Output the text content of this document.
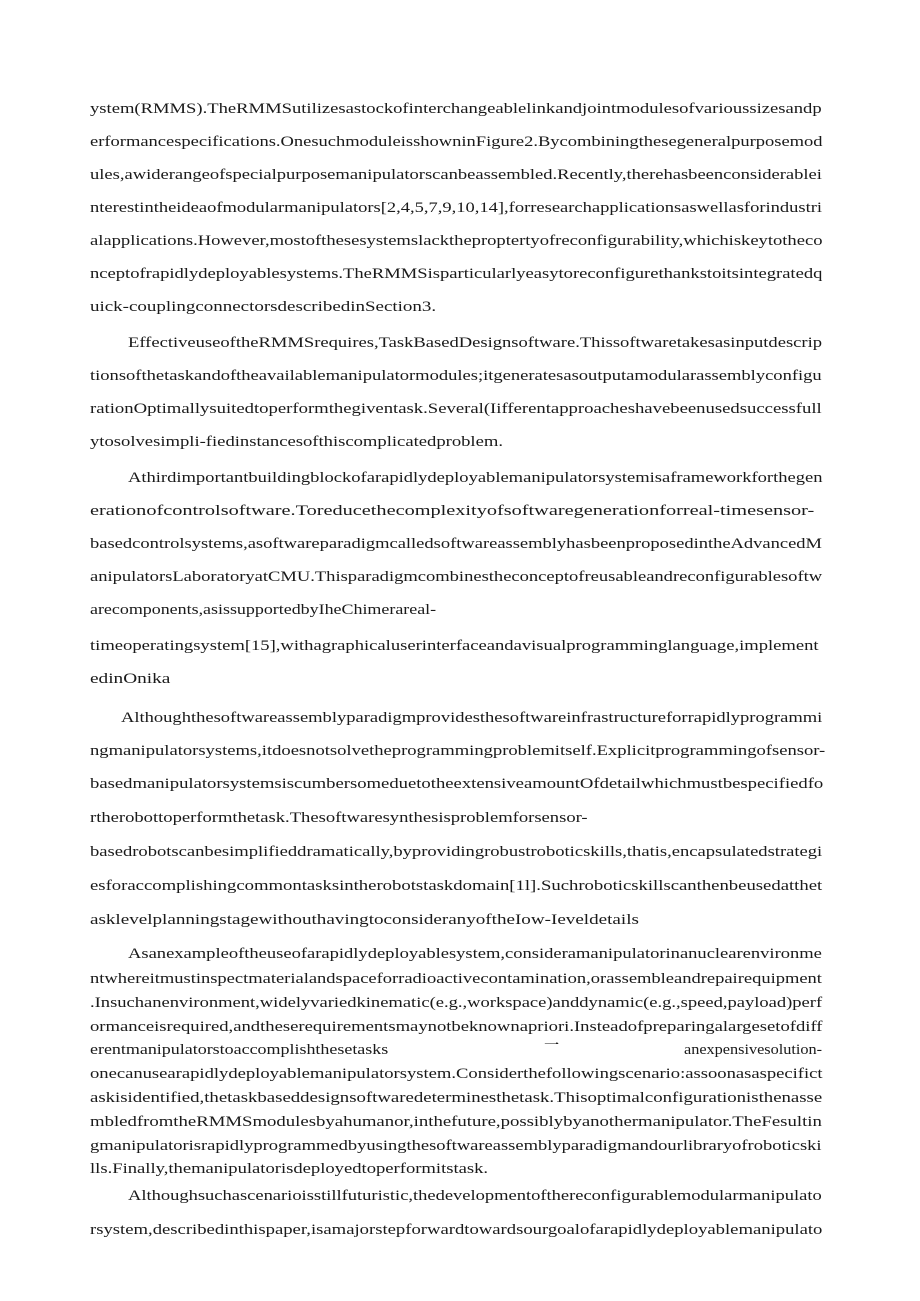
ystem(RMMS).TheRMMSutilizesastockofinterchangeablelinkandjointmodulesofvarioussizesandp
erformancespecifications.OnesuchmoduleisshowninFigure2.Bycombiningthesegeneralpurposemod
ules,awiderangeofspecialpurposemanipulatorscanbeassembled.Recently,therehasbeenconsiderablei
nterestintheideaofmodularmanipulators[2,4,5,7,9,10,14],forresearchapplicationsaswellasforindustri
alapplications.However,mostofthesesystemslacktheproptertyofreconfigurability,whichiskeytotheco
nceptofrapidlydeployablesystems.TheRMMSisparticularlyeasytoreconfigurethankstoitsintegratedq
uick-couplingconnectorsdescribedinSection3.
EffectiveuseoftheRMMSrequires,TaskBasedDesignsoftware.Thissoftwaretakesasinputdescrip
tionsofthetaskandoftheavailablemanipulatormodules;itgeneratesasoutputamodularassemblyconfigu
rationOptimallysuitedtoperformthegiventask.Several(Iifferentapproacheshavebeenusedsuccessfull
ytosolvesimpli-fiedinstancesofthiscomplicatedproblem.
Athirdimportantbuildingblockofarapidlydeployablemanipulatorsystemisaframeworkforthegen
erationofcontrolsoftware.Toreducethecomplexityofsoftwaregenerationforreal-timesensor-
basedcontrolsystems,asoftwareparadigmcalledsoftwareassemblyhasbeenproposedintheAdvancedM
anipulatorsLaboratoryatCMU.Thisparadigmcombinestheconceptofreusableandreconfigurablesoftw
arecomponents,asissupportedbyIheChimerareal-
timeoperatingsystem[15],withagraphicaluserinterfaceandavisualprogramminglanguage,implement
edinOnika
Althoughthesoftwareassemblyparadigmprovidesthesoftwareinfrastructureforrapidlyprogrammi
ngmanipulatorsystems,itdoesnotsolvetheprogrammingproblemitself.Explicitprogrammingofsensor-
basedmanipulatorsystemsiscumbersomeduetotheextensiveamountOfdetailwhichmustbespecifiedfo
rtherobottoperformthetask.Thesoftwaresynthesisproblemforsensor-
basedrobotscanbesimplifieddramatically,byprovidingrobustroboticskills,thatis,encapsulatedstrategi
esforaccomplishingcommontasksintherobotstaskdomain[1l].Suchroboticskillscanthenbeusedatthet
asklevelplanningstagewithouthavingtoconsideranyoftheIow-Ieveldetails
Asanexampleoftheuseofarapidlydeployablesystem,consideramanipulatorinanuclearenvironme
ntwhereitmustinspectmaterialandspaceforradioactivecontamination,orassembleandrepairequipment
.Insuchanenvironment,widelyvariedkinematic(e.g.,workspace)anddynamic(e.g.,speed,payload)perf
ormanceisrequired,andtheserequirementsmaynotbeknownapriori.Insteadofpreparingalargesetofdiff
erentmanipulatorstoaccomplishthesetasks	一	anexpensivesolution-
onecanusearapidlydeployablemanipulatorsystem.Considerthefollowingscenario:assoonasaspecifict
askisidentified,thetaskbaseddesignsoftwaredeterminesthetask.Thisoptimalconfigurationisthenasse
mbledfromtheRMMSmodulesbyahumanor,inthefuture,possiblybyanothermanipulator.TheFesultin
gmanipulatorisrapidlyprogrammedbyusingthesoftwareassemblyparadigmandourlibraryofroboticski
lls.Finally,themanipulatorisdeployedtoperformitstask.
Althoughsuchascenarioisstillfuturistic,thedevelopmentofthereconfigurablemodularmanipulato
rsystem,describedinthispaper,isamajorstepforwardtowardsourgoalofarapidlydeployablemanipulato
